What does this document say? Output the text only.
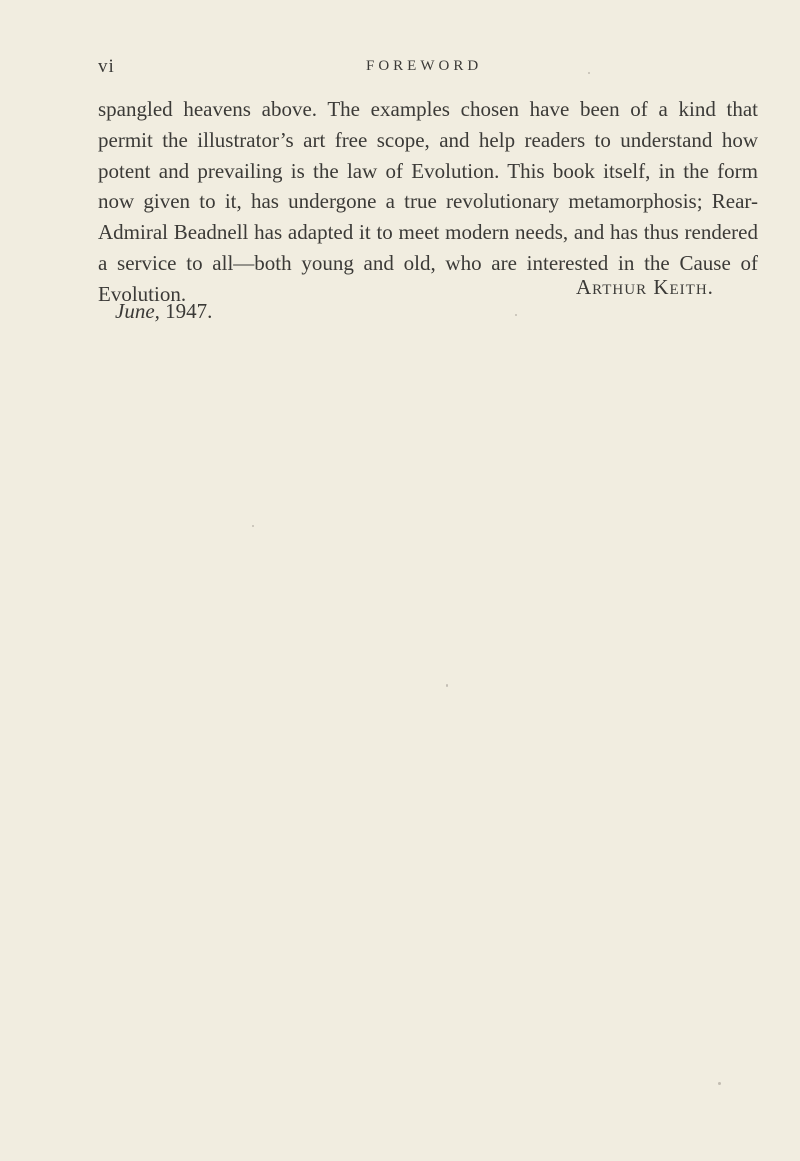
vi	FOREWORD

spangled heavens above. The examples chosen have been of a kind that permit the illustrator’s art free scope, and help readers to understand how potent and prevailing is the law of Evolution. This book itself, in the form now given to it, has undergone a true revolutionary metamorphosis; Rear-Admiral Beadnell has adapted it to meet modern needs, and has thus rendered a service to all—both young and old, who are interested in the Cause of Evolution.	Arthur Keith.
June, 1947.
